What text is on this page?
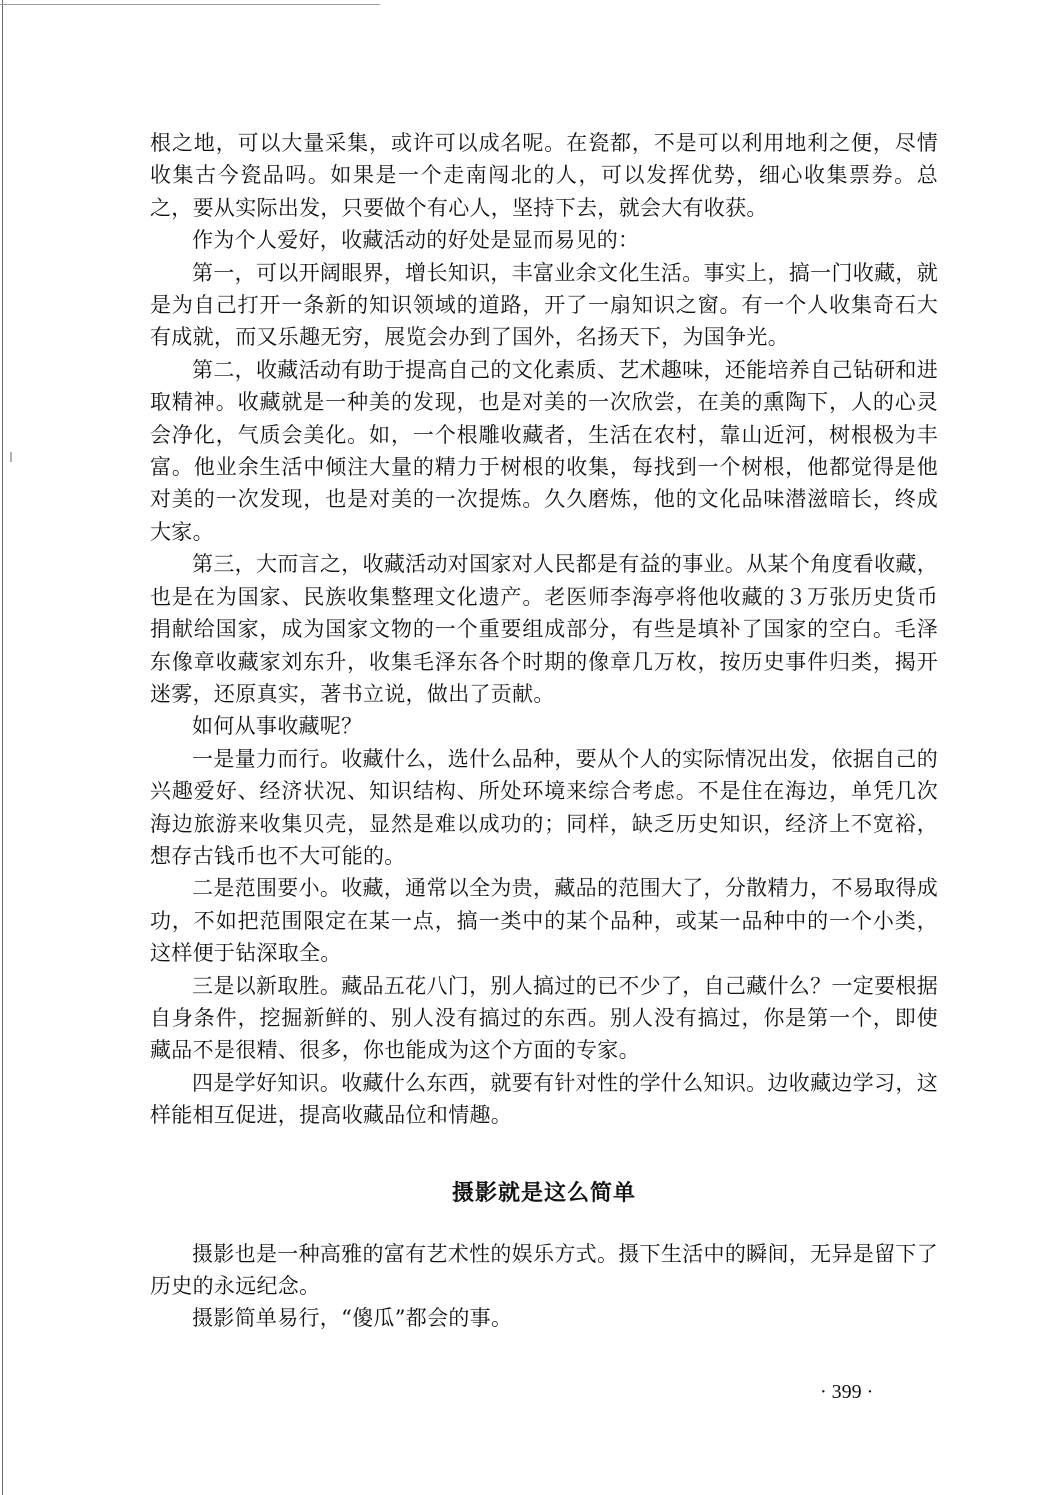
根之地，可以大量采集，或许可以成名呢。在瓷都，不是可以利用地利之便，尽情收集古今瓷品吗。如果是一个走南闯北的人，可以发挥优势，细心收集票券。总之，要从实际出发，只要做个有心人，坚持下去，就会大有收获。

作为个人爱好，收藏活动的好处是显而易见的：

第一，可以开阔眼界，增长知识，丰富业余文化生活。事实上，搞一门收藏，就是为自己打开一条新的知识领域的道路，开了一扇知识之窗。有一个人收集奇石大有成就，而又乐趣无穷，展览会办到了国外，名扬天下，为国争光。

第二，收藏活动有助于提高自己的文化素质、艺术趣味，还能培养自己钻研和进取精神。收藏就是一种美的发现，也是对美的一次欣尝，在美的熏陶下，人的心灵会净化，气质会美化。如，一个根雕收藏者，生活在农村，靠山近河，树根极为丰富。他业余生活中倾注大量的精力于树根的收集，每找到一个树根，他都觉得是他对美的一次发现，也是对美的一次提炼。久久磨炼，他的文化品味潜滋暗长，终成大家。

第三，大而言之，收藏活动对国家对人民都是有益的事业。从某个角度看收藏，也是在为国家、民族收集整理文化遗产。老医师李海亭将他收藏的３万张历史货币捐献给国家，成为国家文物的一个重要组成部分，有些是填补了国家的空白。毛泽东像章收藏家刘东升，收集毛泽东各个时期的像章几万枚，按历史事件归类，揭开迷雾，还原真实，著书立说，做出了贡献。

如何从事收藏呢？

一是量力而行。收藏什么，选什么品种，要从个人的实际情况出发，依据自己的兴趣爱好、经济状况、知识结构、所处环境来综合考虑。不是住在海边，单凭几次海边旅游来收集贝壳，显然是难以成功的；同样，缺乏历史知识，经济上不宽裕，想存古钱币也不大可能的。

二是范围要小。收藏，通常以全为贵，藏品的范围大了，分散精力，不易取得成功，不如把范围限定在某一点，搞一类中的某个品种，或某一品种中的一个小类，这样便于钻深取全。

三是以新取胜。藏品五花八门，别人搞过的已不少了，自己藏什么？一定要根据自身条件，挖掘新鲜的、别人没有搞过的东西。别人没有搞过，你是第一个，即使藏品不是很精、很多，你也能成为这个方面的专家。

四是学好知识。收藏什么东西，就要有针对性的学什么知识。边收藏边学习，这样能相互促进，提高收藏品位和情趣。

摄影就是这么简单

摄影也是一种高雅的富有艺术性的娱乐方式。摄下生活中的瞬间，无异是留下了历史的永远纪念。

摄影简单易行，“傻瓜”都会的事。

· 399 ·
